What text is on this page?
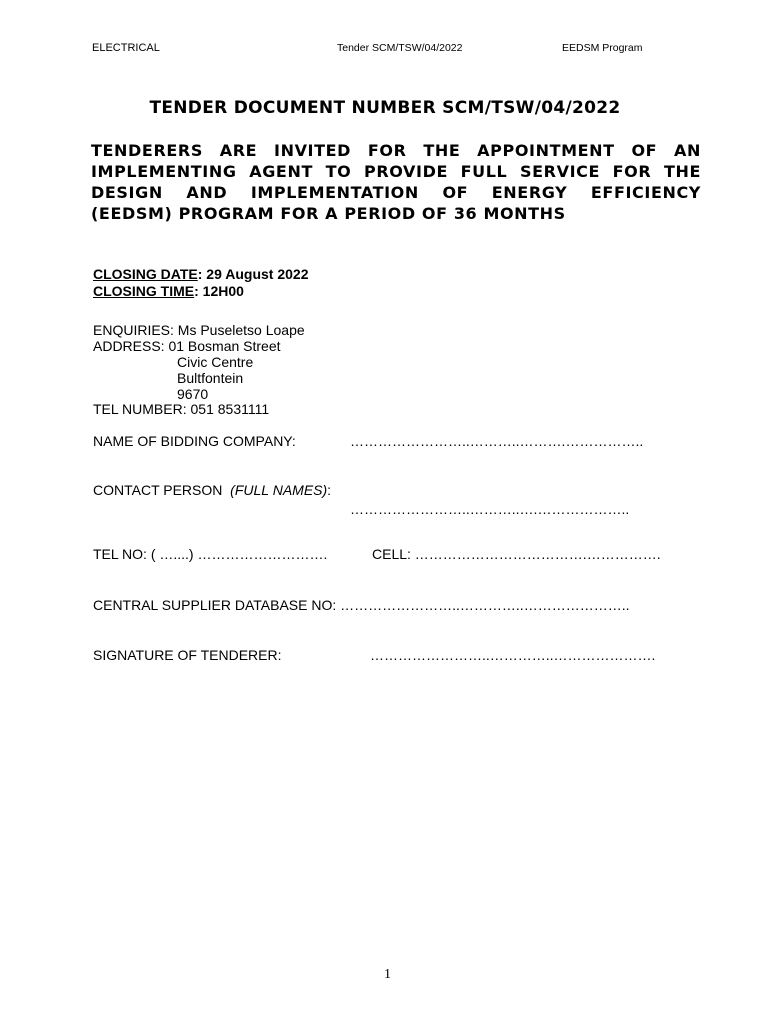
ELECTRICAL	Tender SCM/TSW/04/2022	EEDSM Program
TENDER DOCUMENT NUMBER SCM/TSW/04/2022
TENDERERS ARE INVITED FOR THE APPOINTMENT OF AN
IMPLEMENTING AGENT TO PROVIDE FULL SERVICE FOR THE
DESIGN AND IMPLEMENTATION OF ENERGY EFFICIENCY
(EEDSM) PROGRAM FOR A PERIOD OF 36 MONTHS
CLOSING DATE: 29 August 2022
CLOSING TIME: 12H00
ENQUIRIES: Ms Puseletso Loape
ADDRESS: 01 Bosman Street
Civic Centre
Bultfontein
9670
TEL NUMBER: 051 8531111
NAME OF BIDDING COMPANY:	……………………..………..……….……………..
CONTACT PERSON (FULL NAMES):
……………………..………..….………………..
TEL NO: ( …....) ……………………….	CELL: ……………………………….…………….
CENTRAL SUPPLIER DATABASE NO: ……………………..…………..…………………..
SIGNATURE OF TENDERER:	……………………..…………..………………….
1
